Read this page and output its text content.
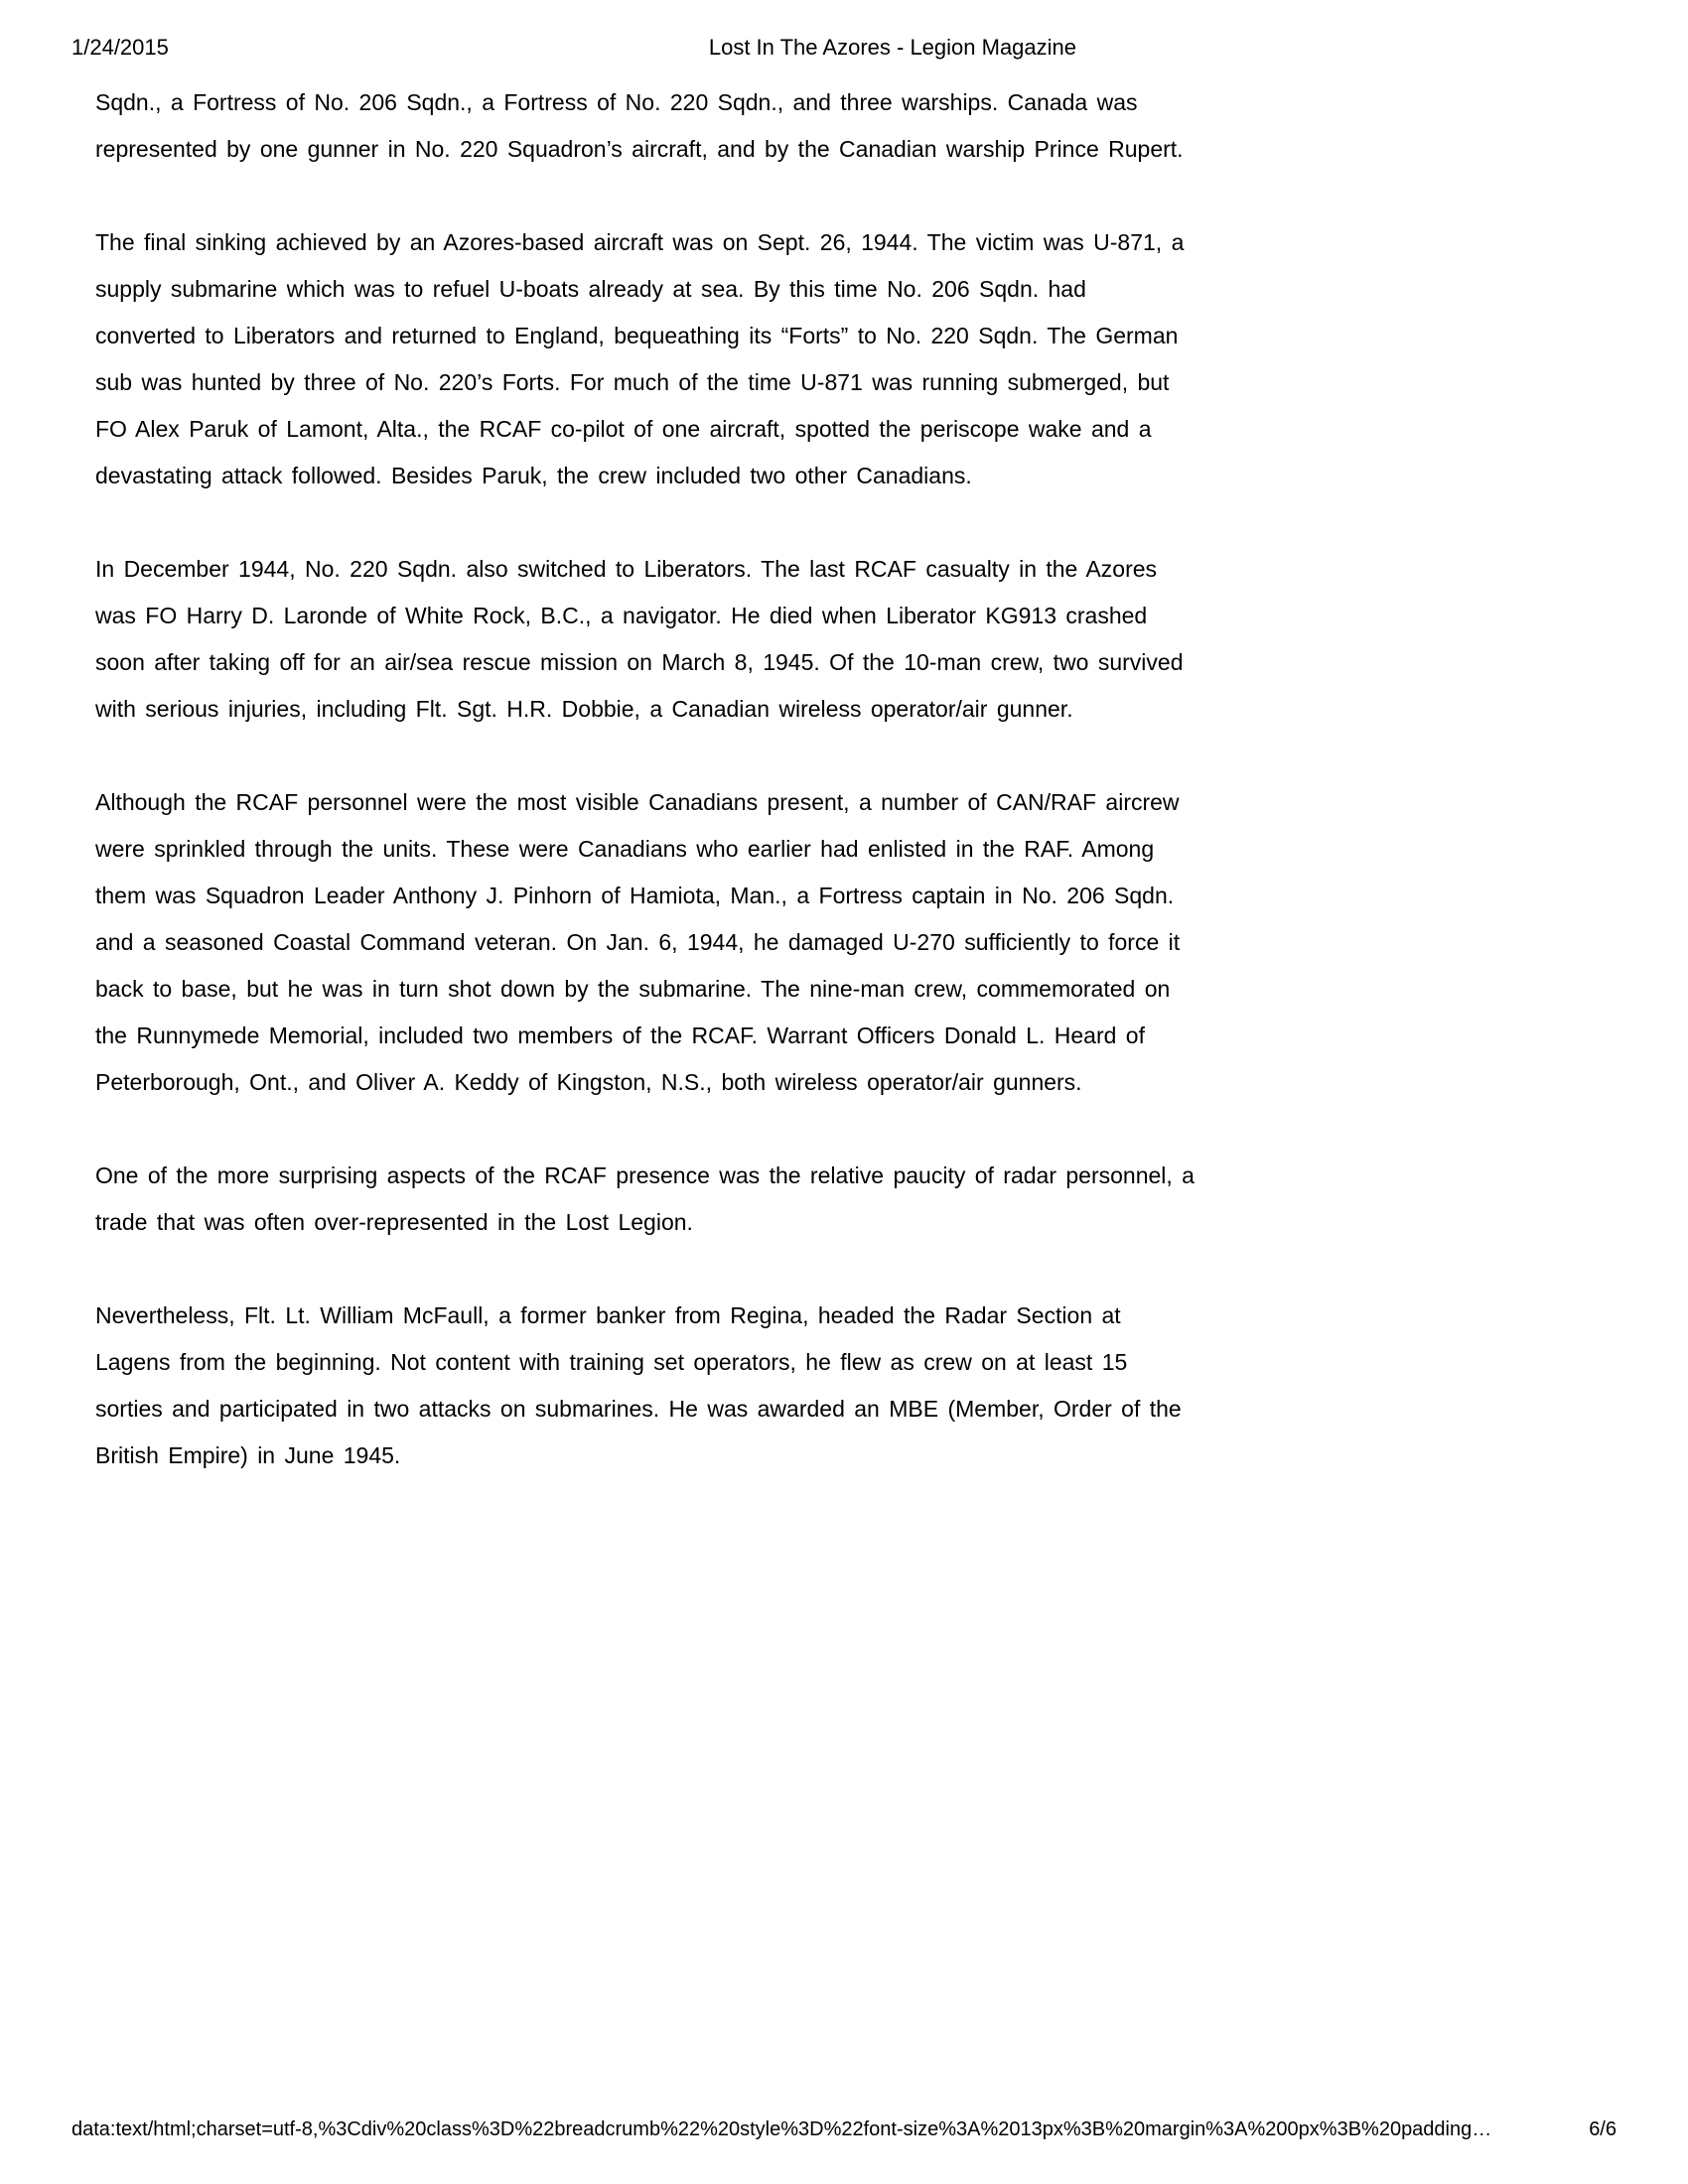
1/24/2015	Lost In The Azores - Legion Magazine

Sqdn., a Fortress of No. 206 Sqdn., a Fortress of No. 220 Sqdn., and three warships. Canada was
represented by one gunner in No. 220 Squadron’s aircraft, and by the Canadian warship Prince Rupert.

The final sinking achieved by an Azores-based aircraft was on Sept. 26, 1944. The victim was U-871, a
supply submarine which was to refuel U-boats already at sea. By this time No. 206 Sqdn. had
converted to Liberators and returned to England, bequeathing its “Forts” to No. 220 Sqdn. The German
sub was hunted by three of No. 220’s Forts. For much of the time U-871 was running submerged, but
FO Alex Paruk of Lamont, Alta., the RCAF co-pilot of one aircraft, spotted the periscope wake and a
devastating attack followed. Besides Paruk, the crew included two other Canadians.

In December 1944, No. 220 Sqdn. also switched to Liberators. The last RCAF casualty in the Azores
was FO Harry D. Laronde of White Rock, B.C., a navigator. He died when Liberator KG913 crashed
soon after taking off for an air/sea rescue mission on March 8, 1945. Of the 10-man crew, two survived
with serious injuries, including Flt. Sgt. H.R. Dobbie, a Canadian wireless operator/air gunner.

Although the RCAF personnel were the most visible Canadians present, a number of CAN/RAF aircrew
were sprinkled through the units. These were Canadians who earlier had enlisted in the RAF. Among
them was Squadron Leader Anthony J. Pinhorn of Hamiota, Man., a Fortress captain in No. 206 Sqdn.
and a seasoned Coastal Command veteran. On Jan. 6, 1944, he damaged U-270 sufficiently to force it
back to base, but he was in turn shot down by the submarine. The nine-man crew, commemorated on
the Runnymede Memorial, included two members of the RCAF. Warrant Officers Donald L. Heard of
Peterborough, Ont., and Oliver A. Keddy of Kingston, N.S., both wireless operator/air gunners.

One of the more surprising aspects of the RCAF presence was the relative paucity of radar personnel, a
trade that was often over-represented in the Lost Legion.

Nevertheless, Flt. Lt. William McFaull, a former banker from Regina, headed the Radar Section at
Lagens from the beginning. Not content with training set operators, he flew as crew on at least 15
sorties and participated in two attacks on submarines. He was awarded an MBE (Member, Order of the
British Empire) in June 1945.

data:text/html;charset=utf-8,%3Cdiv%20class%3D%22breadcrumb%22%20style%3D%22font-size%3A%2013px%3B%20margin%3A%200px%3B%20padding…	6/6
